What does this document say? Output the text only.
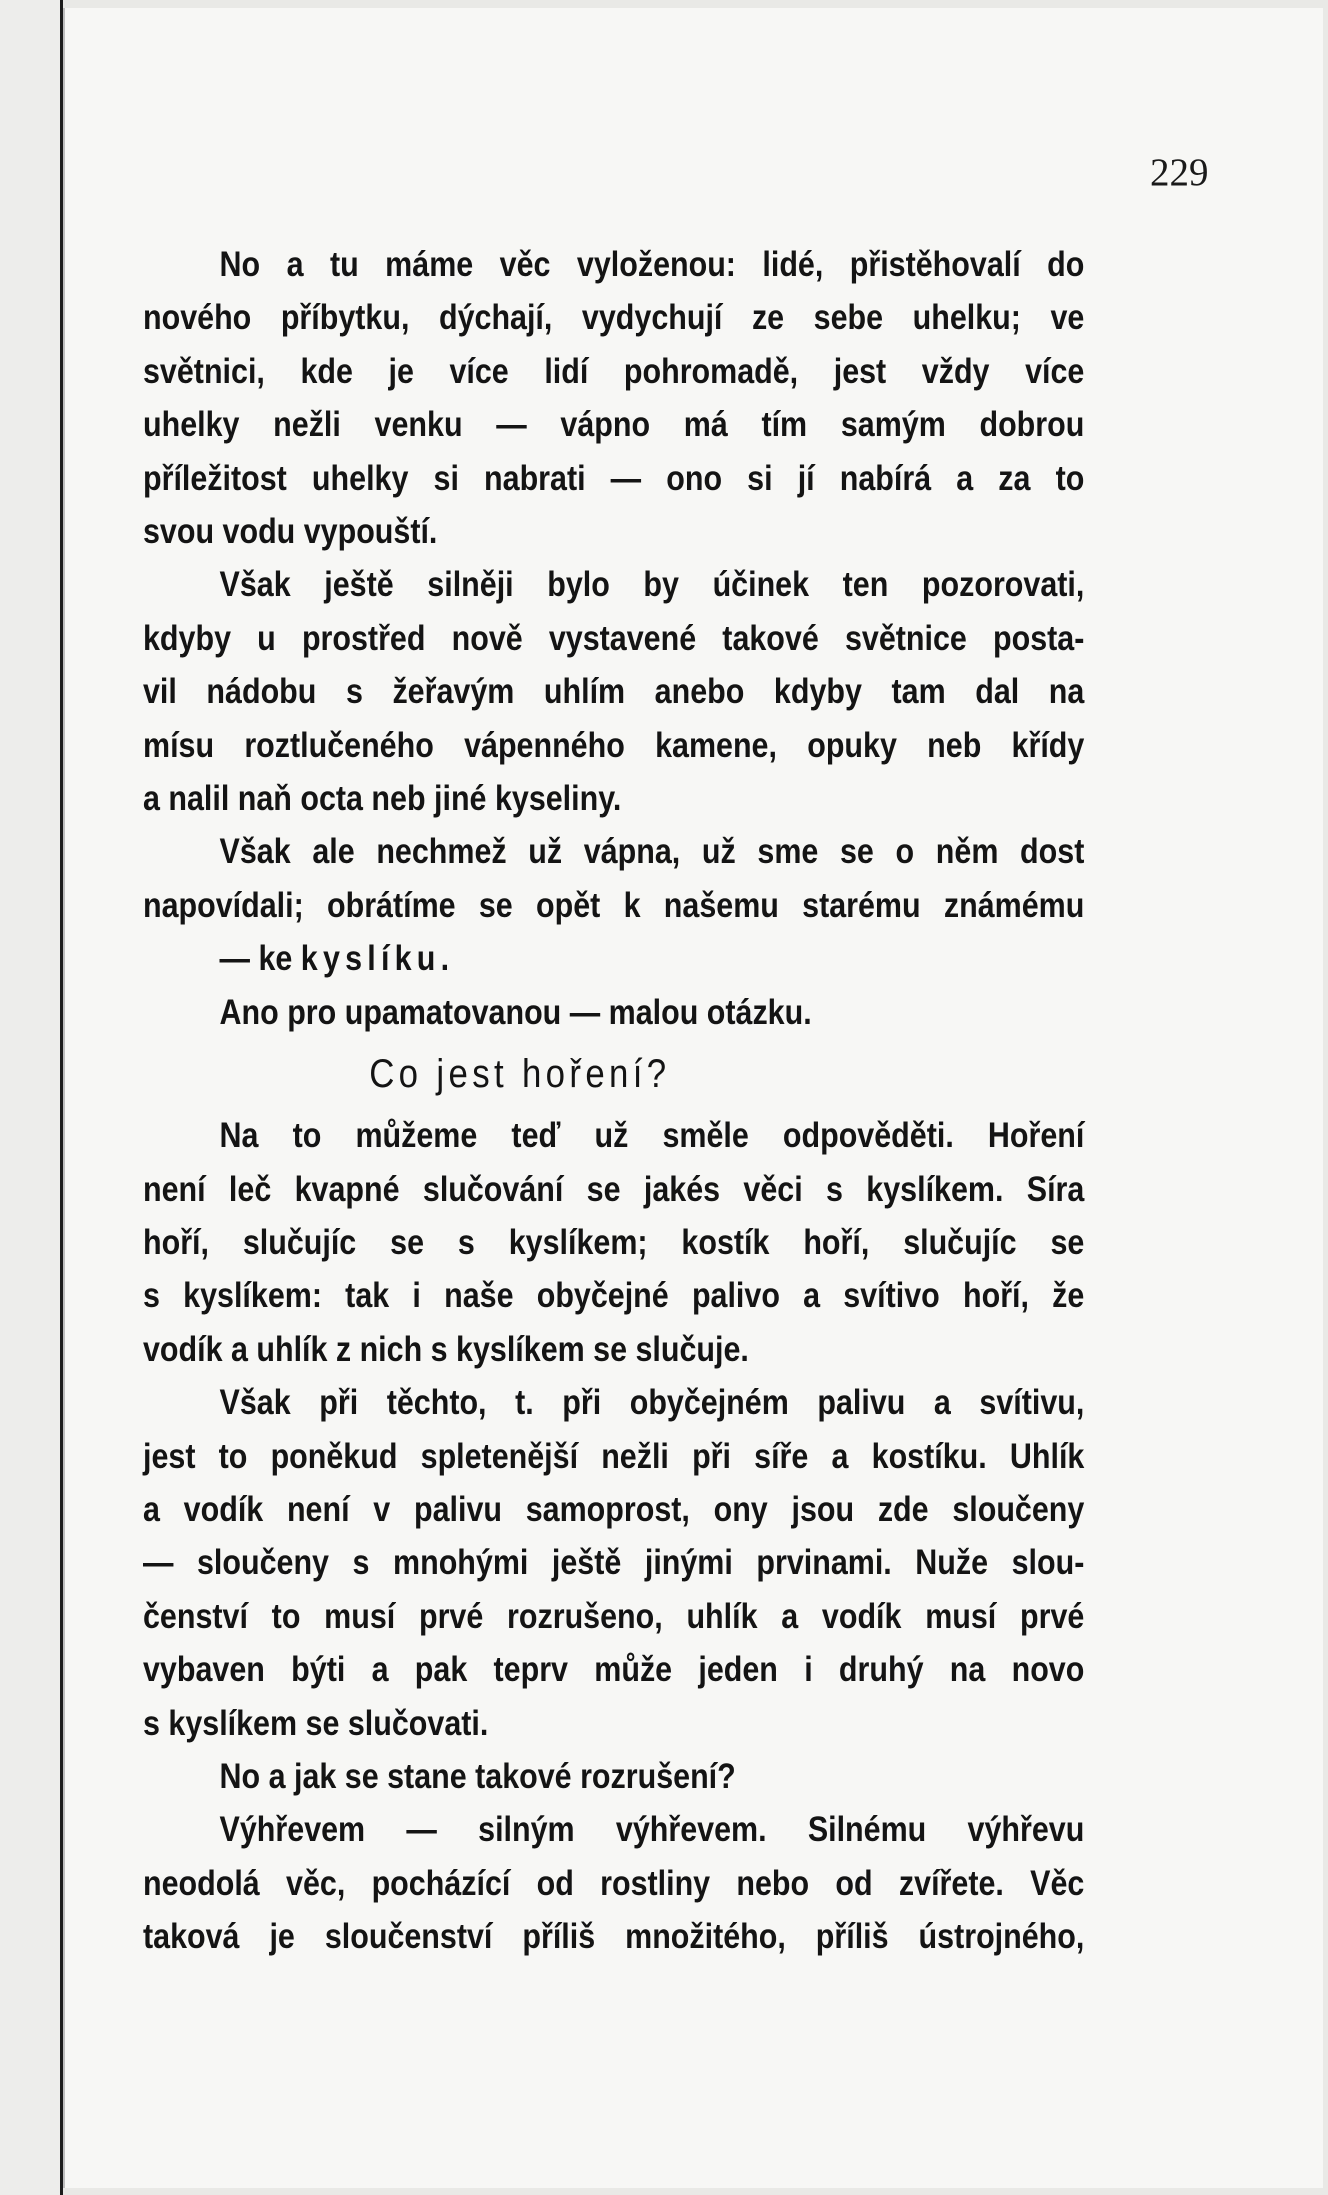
229
No a tu máme věc vyloženou: lidé, přistěhovalí do
nového příbytku, dýchají, vydychují ze sebe uhelku; ve
světnici, kde je více lidí pohromadě, jest vždy více
uhelky nežli venku — vápno má tím samým dobrou
příležitost uhelky si nabrati — ono si jí nabírá a za to
svou vodu vypouští.
Však ještě silněji bylo by účinek ten pozorovati,
kdyby u prostřed nově vystavené takové světnice posta-
vil nádobu s žeřavým uhlím anebo kdyby tam dal na
mísu roztlučeného vápenného kamene, opuky neb křídy
a nalil naň octa neb jiné kyseliny.
Však ale nechmež už vápna, už sme se o něm dost
napovídali; obrátíme se opět k našemu starému známému
— ke kyslíku.
Ano pro upamatovanou — malou otázku.
Co jest hoření?
Na to můžeme teď už směle odpověděti. Hoření
není leč kvapné slučování se jakés věci s kyslíkem. Síra
hoří, slučujíc se s kyslíkem; kostík hoří, slučujíc se
s kyslíkem: tak i naše obyčejné palivo a svítivo hoří, že
vodík a uhlík z nich s kyslíkem se slučuje.
Však při těchto, t. při obyčejném palivu a svítivu,
jest to poněkud spletenější nežli při síře a kostíku. Uhlík
a vodík není v palivu samoprost, ony jsou zde sloučeny
— sloučeny s mnohými ještě jinými prvinami. Nuže slou-
čenství to musí prvé rozrušeno, uhlík a vodík musí prvé
vybaven býti a pak teprv může jeden i druhý na novo
s kyslíkem se slučovati.
No a jak se stane takové rozrušení?
Výhřevem — silným výhřevem. Silnému výhřevu
neodolá věc, pocházící od rostliny nebo od zvířete. Věc
taková je sloučenství příliš množitého, příliš ústrojného,
